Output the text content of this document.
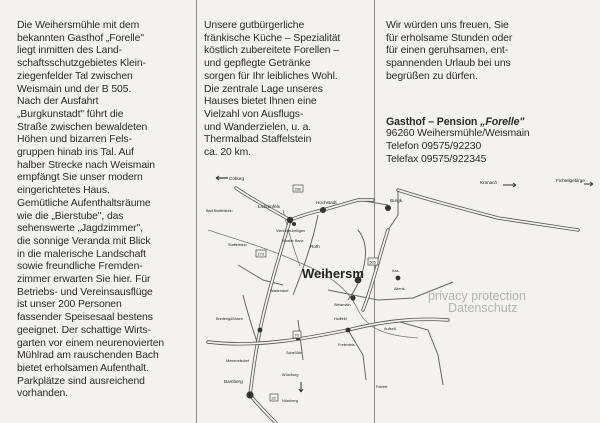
Die Weihersmühle mit dem
bekannten Gasthof „Forelle"
liegt inmitten des Land-
schaftsschutzgebietes Klein-
ziegenfelder Tal zwischen
Weismain und der B 505.
Nach der Ausfahrt
„Burgkunstadt" führt die
Straße zwischen bewaldeten
Höhen und bizarren Fels-
gruppen hinab ins Tal. Auf
halber Strecke nach Weismain
empfängt Sie unser modern
eingerichtetes Haus.
Gemütliche Aufenthaltsräume
wie die „Bierstube", das
sehenswerte „Jagdzimmer",
die sonnige Veranda mit Blick
in die malerische Landschaft
sowie freundliche Fremden-
zimmer erwarten Sie hier. Für
Betriebs- und Vereinsausflüge
ist unser 200 Personen
fassender Speisesaal bestens
geeignet. Der schattige Wirts-
garten vor einem neurenovierten
Mühlrad am rauschenden Bach
bietet erholsamen Aufenthalt.
Parkplätze sind ausreichend
vorhanden.

Unsere gutbürgerliche
fränkische Küche – Spezialität
köstlich zubereitete Forellen –
und gepflegte Getränke
sorgen für Ihr leibliches Wohl.
Die zentrale Lage unseres
Hauses bietet Ihnen eine
Vielzahl von Ausflugs-
und Wanderzielen, u. a.
Thermalbad Staffelstein
ca. 20 km.

Wir würden uns freuen, Sie
für erholsame Stunden oder
für einen geruhsamen, ent-
spannenden Urlaub bei uns
begrüßen zu dürfen.

Gasthof – Pension „Forelle"

96260 Weihersmühle/Weismain

Telefon 09575/92230

Telefax 09575/922345

173
289
70
505
22
Coburg
Kronach	Fichtelgebirge
Bad Staffelstein
Lichtenfels
Hochstadt	Burgk.
Vierzehn-heiligen
Kloster Banz
Staffelstein	Roth
Weihersm
Weismain
Altenk.
Kas.
Wattendorf
Breitengüßbach
Scheßlitz
Memmelsdorf
Hollfeld
Freienfels
Aufseß
Bamberg
Würzburg
Nürnberg
Feinfel
privacy protection
Datenschutz
